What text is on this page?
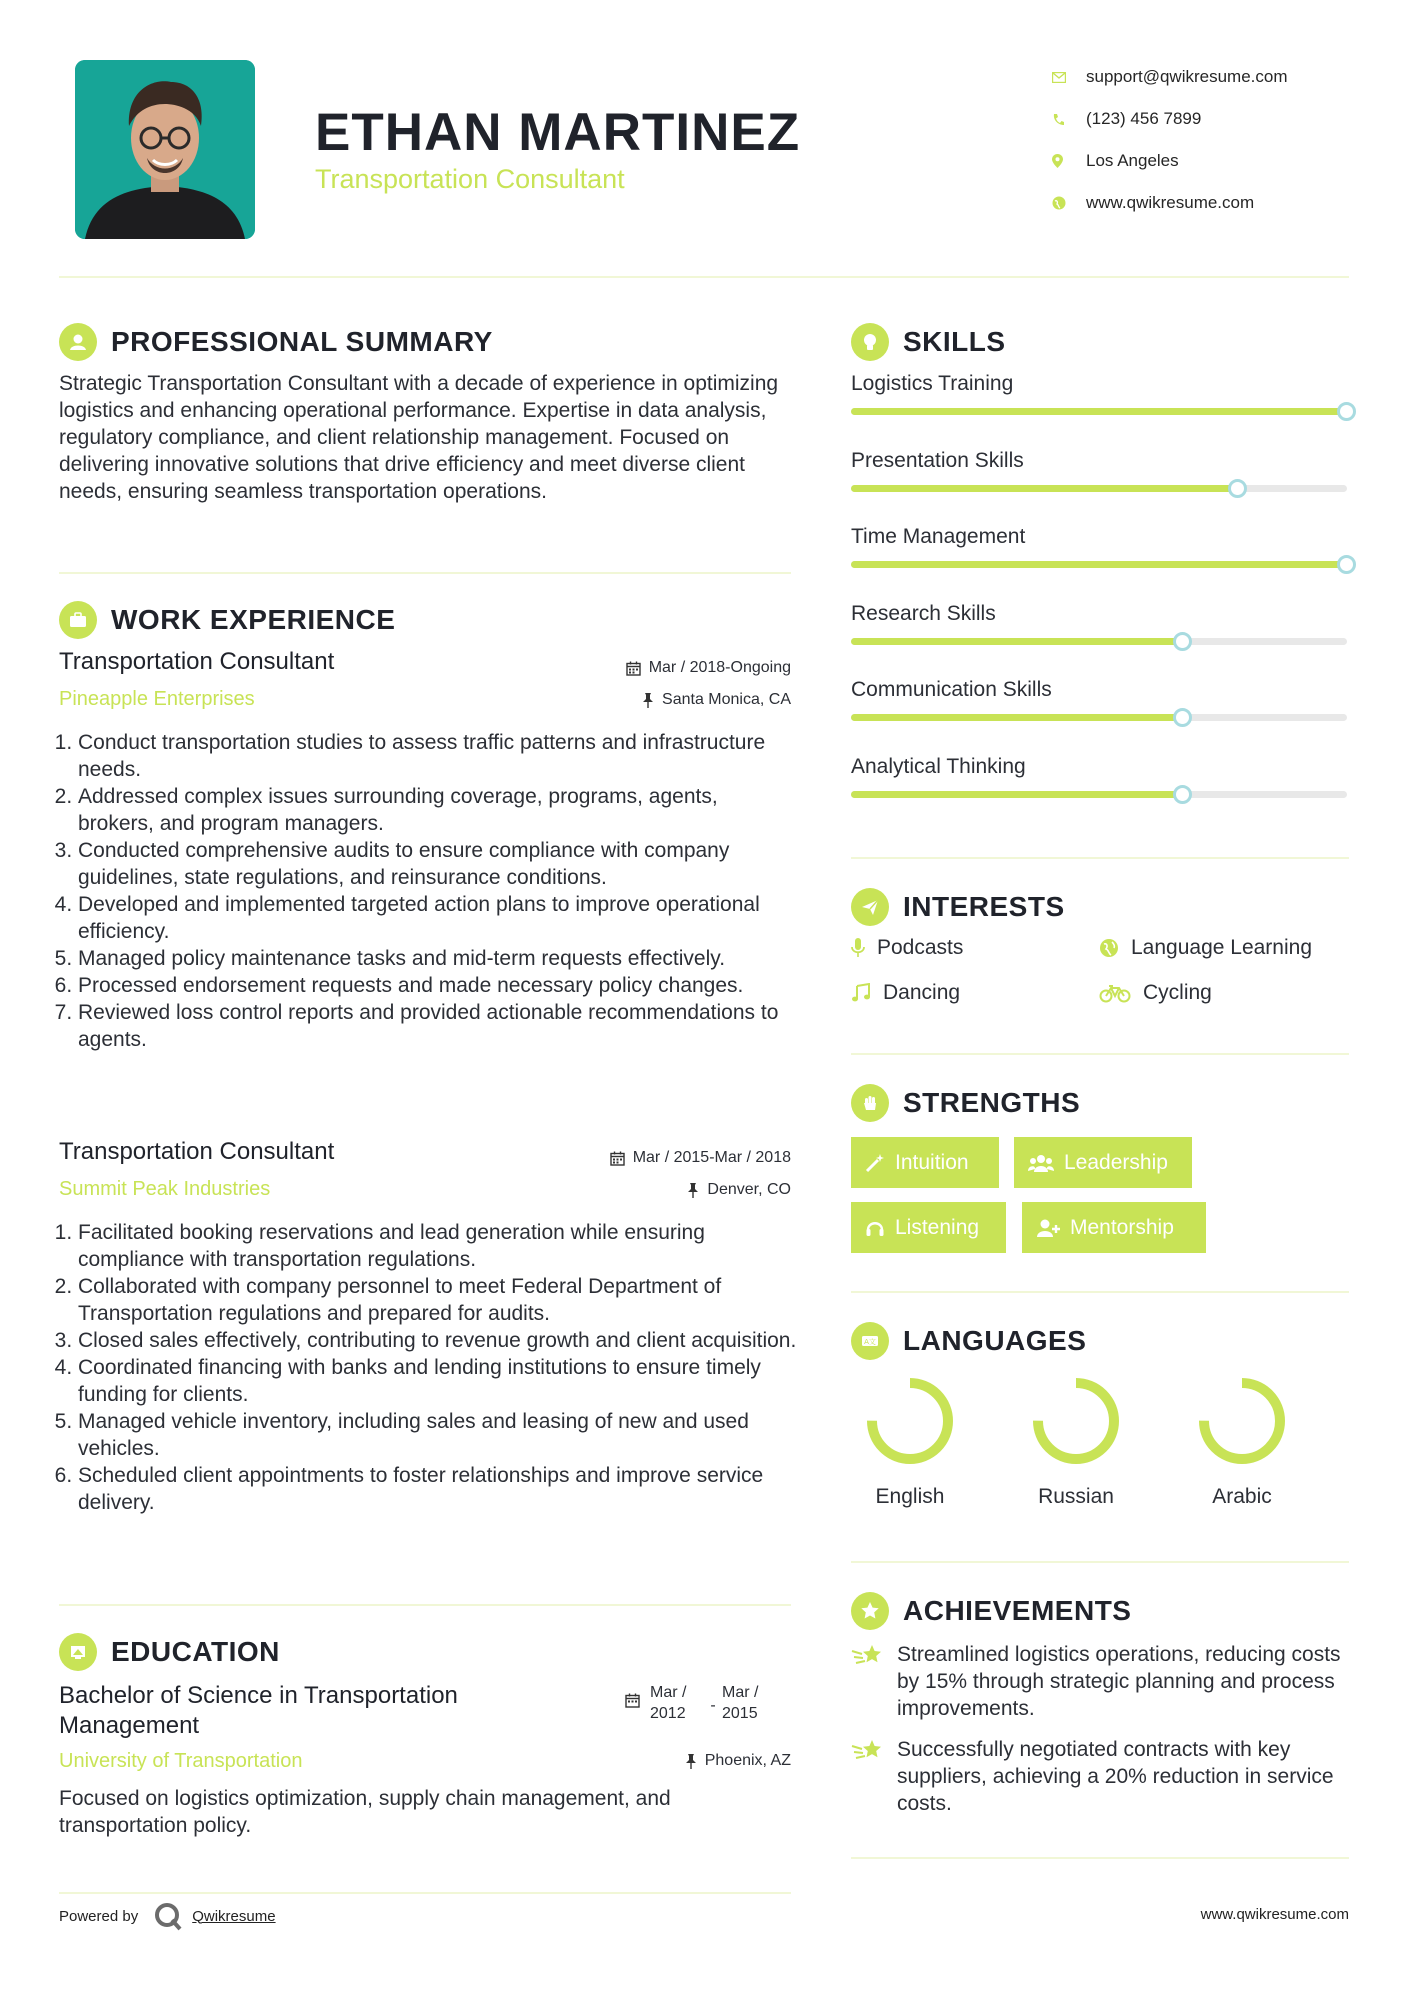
ETHAN MARTINEZ
Transportation Consultant
support@qwikresume.com
(123) 456 7899
Los Angeles
www.qwikresume.com
PROFESSIONAL SUMMARY
Strategic Transportation Consultant with a decade of experience in optimizing logistics and enhancing operational performance. Expertise in data analysis, regulatory compliance, and client relationship management. Focused on delivering innovative solutions that drive efficiency and meet diverse client needs, ensuring seamless transportation operations.
WORK EXPERIENCE
Transportation Consultant
Pineapple Enterprises
Mar / 2018-Ongoing
Santa Monica, CA
1. Conduct transportation studies to assess traffic patterns and infrastructure needs.
2. Addressed complex issues surrounding coverage, programs, agents, brokers, and program managers.
3. Conducted comprehensive audits to ensure compliance with company guidelines, state regulations, and reinsurance conditions.
4. Developed and implemented targeted action plans to improve operational efficiency.
5. Managed policy maintenance tasks and mid-term requests effectively.
6. Processed endorsement requests and made necessary policy changes.
7. Reviewed loss control reports and provided actionable recommendations to agents.
Transportation Consultant
Summit Peak Industries
Mar / 2015-Mar / 2018
Denver, CO
1. Facilitated booking reservations and lead generation while ensuring compliance with transportation regulations.
2. Collaborated with company personnel to meet Federal Department of Transportation regulations and prepared for audits.
3. Closed sales effectively, contributing to revenue growth and client acquisition.
4. Coordinated financing with banks and lending institutions to ensure timely funding for clients.
5. Managed vehicle inventory, including sales and leasing of new and used vehicles.
6. Scheduled client appointments to foster relationships and improve service delivery.
EDUCATION
Bachelor of Science in Transportation Management
University of Transportation
Mar / 2012	-
Mar / 2015
Phoenix, AZ
Focused on logistics optimization, supply chain management, and transportation policy.
SKILLS
Logistics Training
Presentation Skills
Time Management
Research Skills
Communication Skills
Analytical Thinking
INTERESTS
Podcasts	Language Learning
Dancing	Cycling
STRENGTHS
Intuition	Leadership
Listening	Mentorship
A文 LANGUAGES
English	Russian	Arabic
ACHIEVEMENTS
Streamlined logistics operations, reducing costs by 15% through strategic planning and process improvements.
Successfully negotiated contracts with key suppliers, achieving a 20% reduction in service costs.
Powered by	Qwikresume	www.qwikresume.com
